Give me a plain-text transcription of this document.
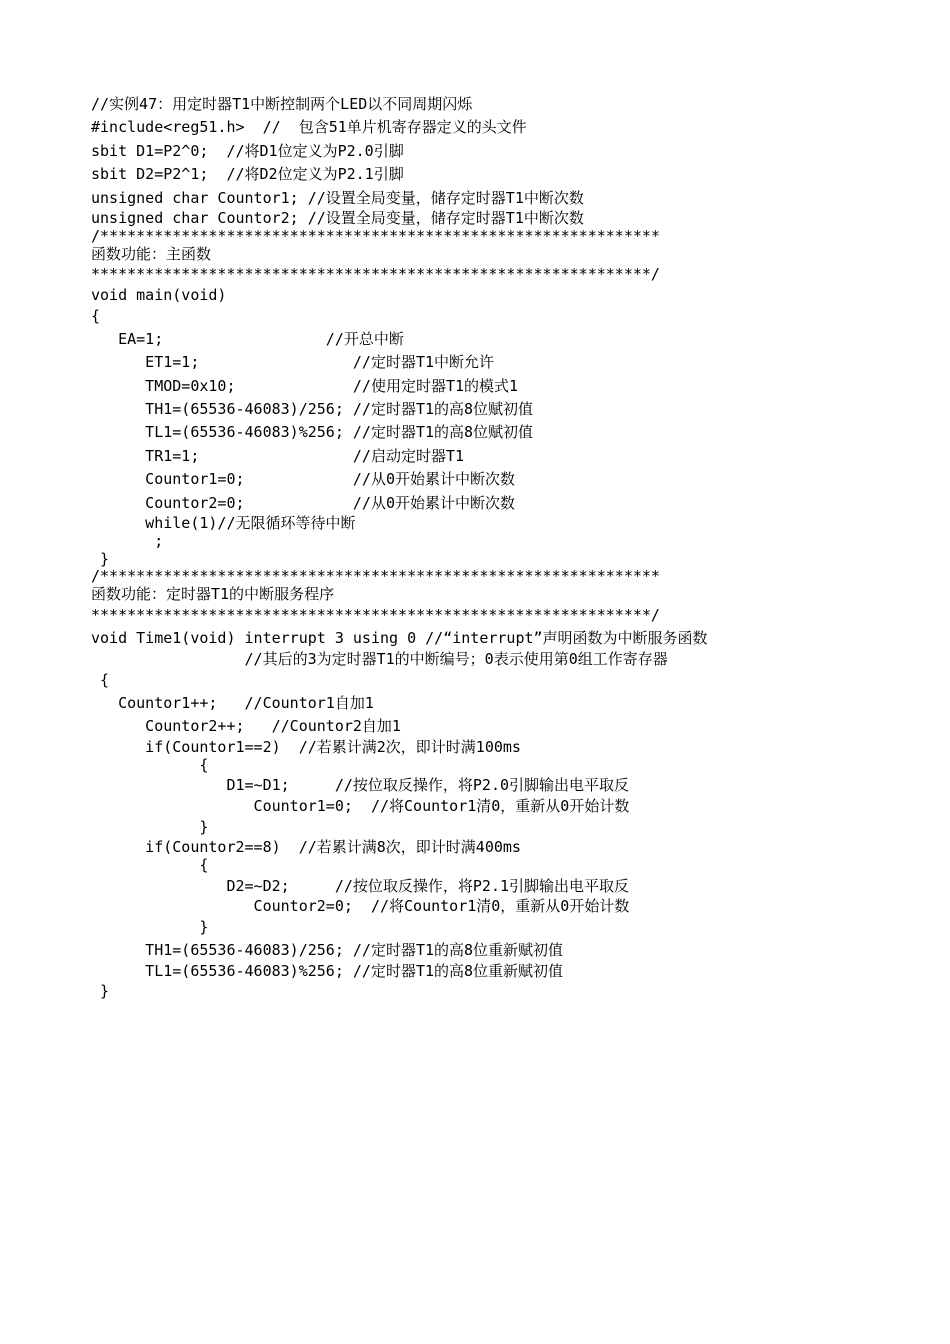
//实例47：用定时器T1中断控制两个LED以不同周期闪烁
#include<reg51.h>  //  包含51单片机寄存器定义的头文件
sbit D1=P2^0;  //将D1位定义为P2.0引脚
sbit D2=P2^1;  //将D2位定义为P2.1引脚
unsigned char Countor1; //设置全局变量，储存定时器T1中断次数
unsigned char Countor2; //设置全局变量，储存定时器T1中断次数
/**************************************************************
函数功能：主函数
**************************************************************/
void main(void)
{
EA=1;                  //开总中断
ET1=1;                 //定时器T1中断允许
TMOD=0x10;             //使用定时器T1的模式1
TH1=(65536-46083)/256; //定时器T1的高8位赋初值
TL1=(65536-46083)%256; //定时器T1的高8位赋初值
TR1=1;                 //启动定时器T1
Countor1=0;            //从0开始累计中断次数
Countor2=0;            //从0开始累计中断次数
while(1)//无限循环等待中断
;
}
/**************************************************************
函数功能：定时器T1的中断服务程序
**************************************************************/
void Time1(void) interrupt 3 using 0 //“interrupt”声明函数为中断服务函数
//其后的3为定时器T1的中断编号；0表示使用第0组工作寄存器
{
Countor1++;   //Countor1自加1
Countor2++;   //Countor2自加1
if(Countor1==2)  //若累计满2次，即计时满100ms
{
D1=~D1;     //按位取反操作，将P2.0引脚输出电平取反
Countor1=0;  //将Countor1清0，重新从0开始计数
}
if(Countor2==8)  //若累计满8次，即计时满400ms
{
D2=~D2;     //按位取反操作，将P2.1引脚输出电平取反
Countor2=0;  //将Countor1清0，重新从0开始计数
}
TH1=(65536-46083)/256; //定时器T1的高8位重新赋初值
TL1=(65536-46083)%256; //定时器T1的高8位重新赋初值
}
